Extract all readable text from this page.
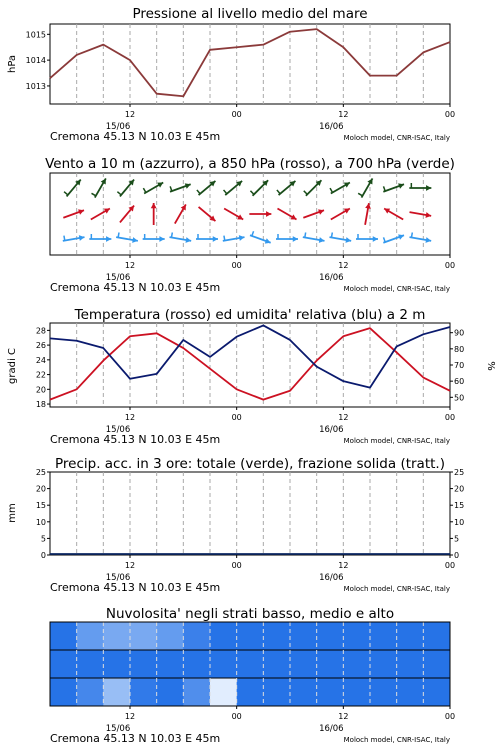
Pressione al livello medio del mare
hPa
1013
1014
1015
12	00	12	00
15/06	16/06
Cremona 45.13 N 10.03 E 45m	Moloch model, CNR-ISAC, Italy
Vento a 10 m (azzurro), a 850 hPa (rosso), a 700 hPa (verde)
12	00	12	00
15/06	16/06
Cremona 45.13 N 10.03 E 45m	Moloch model, CNR-ISAC, Italy
Temperatura (rosso) ed umidita' relativa (blu) a 2 m
gradi C	%
18
20
22
24
26
28
50
60
70
80
90
12	00	12	00
15/06	16/06
Cremona 45.13 N 10.03 E 45m	Moloch model, CNR-ISAC, Italy
Precip. acc. in 3 ore: totale (verde), frazione solida (tratt.)
mm
0
5
10
15
20
25
0
5
10
15
20
25
12	00	12	00
15/06	16/06
Cremona 45.13 N 10.03 E 45m	Moloch model, CNR-ISAC, Italy
Nuvolosita' negli strati basso, medio e alto
12	00	12	00
15/06	16/06
Cremona 45.13 N 10.03 E 45m	Moloch model, CNR-ISAC, Italy
